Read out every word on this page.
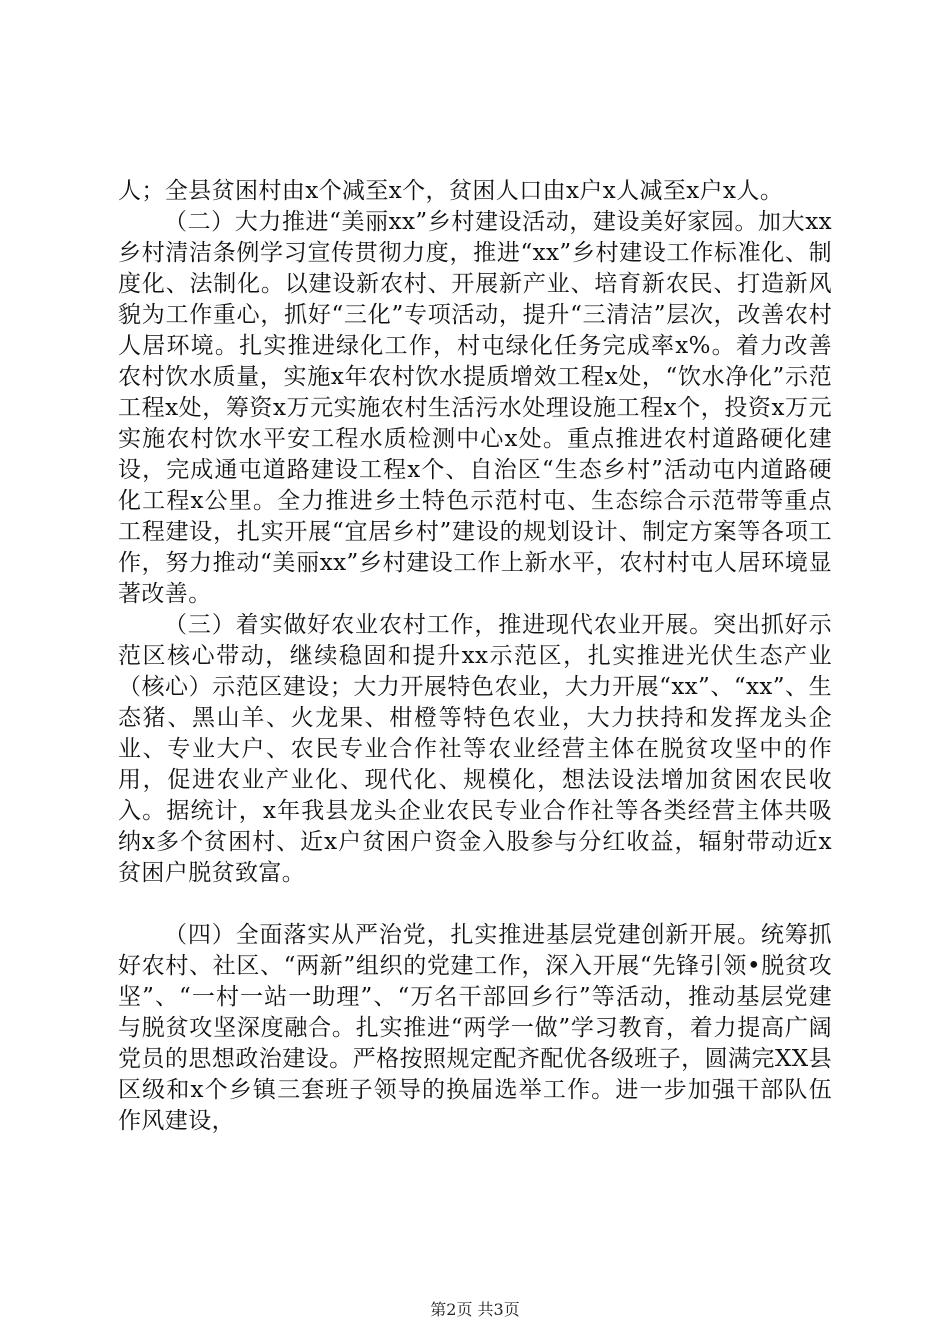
人；全县贫困村由x个减至x个，贫困人口由x户x人减至x户x人。

（二）大力推进“美丽xx”乡村建设活动，建设美好家园。加大xx乡村清洁条例学习宣传贯彻力度，推进“xx”乡村建设工作标准化、制度化、法制化。以建设新农村、开展新产业、培育新农民、打造新风貌为工作重心，抓好“三化”专项活动，提升“三清洁”层次，改善农村人居环境。扎实推进绿化工作，村屯绿化任务完成率x%。着力改善农村饮水质量，实施x年农村饮水提质增效工程x处，“饮水净化”示范工程x处，筹资x万元实施农村生活污水处理设施工程x个，投资x万元实施农村饮水平安工程水质检测中心x处。重点推进农村道路硬化建设，完成通屯道路建设工程x个、自治区“生态乡村”活动屯内道路硬化工程x公里。全力推进乡土特色示范村屯、生态综合示范带等重点工程建设，扎实开展“宜居乡村”建设的规划设计、制定方案等各项工作，努力推动“美丽xx”乡村建设工作上新水平，农村村屯人居环境显著改善。

（三）着实做好农业农村工作，推进现代农业开展。突出抓好示范区核心带动，继续稳固和提升xx示范区，扎实推进光伏生态产业（核心）示范区建设；大力开展特色农业，大力开展“xx”、“xx”、生态猪、黑山羊、火龙果、柑橙等特色农业，大力扶持和发挥龙头企业、专业大户、农民专业合作社等农业经营主体在脱贫攻坚中的作用，促进农业产业化、现代化、规模化，想法设法增加贫困农民收入。据统计，x年我县龙头企业农民专业合作社等各类经营主体共吸纳x多个贫困村、近x户贫困户资金入股参与分红收益，辐射带动近x贫困户脱贫致富。

（四）全面落实从严治党，扎实推进基层党建创新开展。统筹抓好农村、社区、“两新”组织的党建工作，深入开展“先锋引领•脱贫攻坚”、“一村一站一助理”、“万名干部回乡行”等活动，推动基层党建与脱贫攻坚深度融合。扎实推进“两学一做”学习教育，着力提高广阔党员的思想政治建设。严格按照规定配齐配优各级班子，圆满完XX县区级和x个乡镇三套班子领导的换届选举工作。进一步加强干部队伍作风建设，

第2页 共3页
